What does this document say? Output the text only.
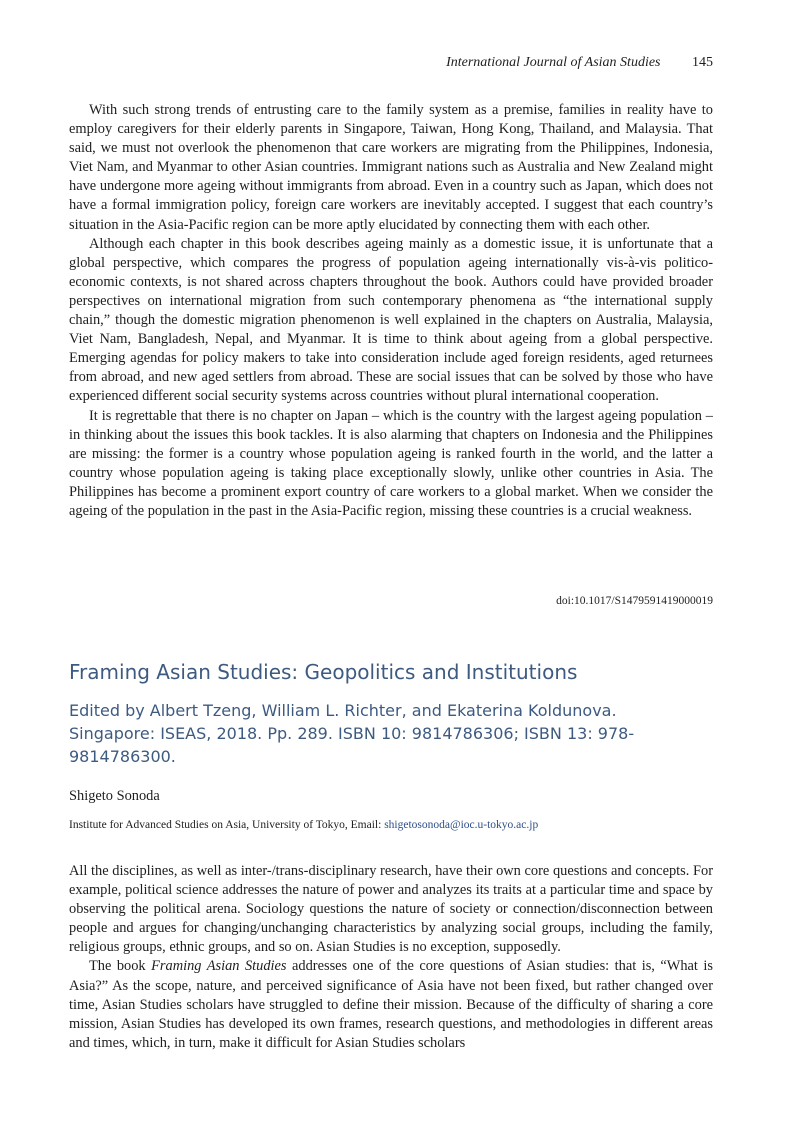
International Journal of Asian Studies 145

With such strong trends of entrusting care to the family system as a premise, families in reality have to employ caregivers for their elderly parents in Singapore, Taiwan, Hong Kong, Thailand, and Malaysia. That said, we must not overlook the phenomenon that care workers are migrating from the Philippines, Indonesia, Viet Nam, and Myanmar to other Asian countries. Immigrant nations such as Australia and New Zealand might have undergone more ageing without immigrants from abroad. Even in a country such as Japan, which does not have a formal immigration policy, foreign care workers are inevitably accepted. I suggest that each country’s situation in the Asia-Pacific region can be more aptly elucidated by connecting them with each other.

Although each chapter in this book describes ageing mainly as a domestic issue, it is unfortunate that a global perspective, which compares the progress of population ageing internationally vis-à-vis politico-economic contexts, is not shared across chapters throughout the book. Authors could have provided broader perspectives on international migration from such contemporary phenomena as “the international supply chain,” though the domestic migration phenomenon is well explained in the chapters on Australia, Malaysia, Viet Nam, Bangladesh, Nepal, and Myanmar. It is time to think about ageing from a global perspective. Emerging agendas for policy makers to take into consideration include aged foreign residents, aged returnees from abroad, and new aged settlers from abroad. These are social issues that can be solved by those who have experienced different social security systems across countries without plural international cooperation.

It is regrettable that there is no chapter on Japan – which is the country with the largest ageing population – in thinking about the issues this book tackles. It is also alarming that chapters on Indonesia and the Philippines are missing: the former is a country whose population ageing is ranked fourth in the world, and the latter a country whose population ageing is taking place exceptionally slowly, unlike other countries in Asia. The Philippines has become a prominent export country of care workers to a global market. When we consider the ageing of the population in the past in the Asia-Pacific region, missing these countries is a crucial weakness.

doi:10.1017/S1479591419000019
Framing Asian Studies: Geopolitics and Institutions

Edited by Albert Tzeng, William L. Richter, and Ekaterina Koldunova. Singapore: ISEAS, 2018. Pp. 289. ISBN 10: 9814786306; ISBN 13: 978-9814786300.

Shigeto Sonoda
Institute for Advanced Studies on Asia, University of Tokyo, Email: shigetosonoda@ioc.u-tokyo.ac.jp

All the disciplines, as well as inter-/trans-disciplinary research, have their own core questions and concepts. For example, political science addresses the nature of power and analyzes its traits at a particular time and space by observing the political arena. Sociology questions the nature of society or connection/disconnection between people and argues for changing/unchanging characteristics by analyzing social groups, including the family, religious groups, ethnic groups, and so on. Asian Studies is no exception, supposedly.

The book Framing Asian Studies addresses one of the core questions of Asian studies: that is, “What is Asia?” As the scope, nature, and perceived significance of Asia have not been fixed, but rather changed over time, Asian Studies scholars have struggled to define their mission. Because of the difficulty of sharing a core mission, Asian Studies has developed its own frames, research questions, and methodologies in different areas and times, which, in turn, make it difficult for Asian Studies scholars
